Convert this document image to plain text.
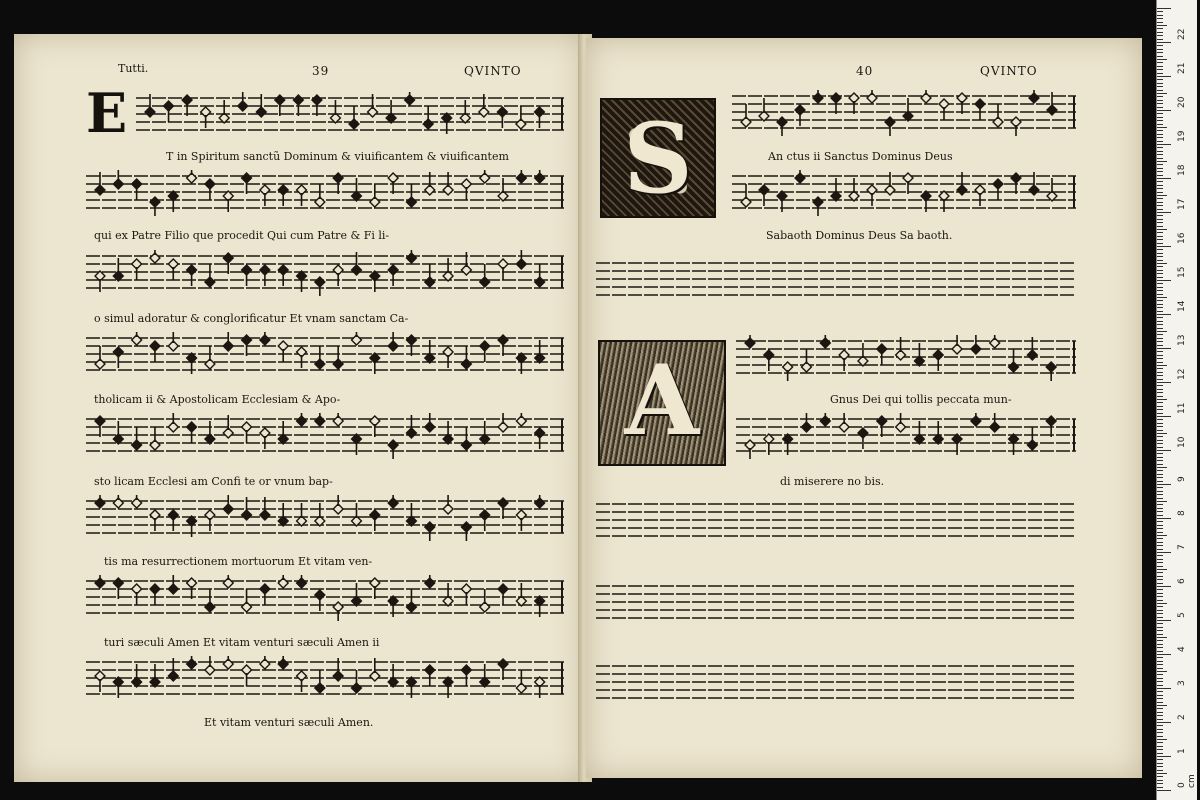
Tutti.	39	QVINTO
E
T in Spiritum sanctũ Dominum & viuificantem & viuificantem
qui ex Patre Filio que procedit Qui cum Patre & Fi li-
o simul adoratur & conglorificatur Et vnam sanctam Ca-
tholicam ii & Apostolicam Ecclesiam & Apo-
sto licam Ecclesi am Confi te or vnum bap-
tis ma resurrectionem mortuorum Et vitam ven-
turi sæculi Amen Et vitam venturi sæculi Amen ii
Et vitam venturi sæculi Amen.
40	QVINTO
S
A
An ctus ii Sanctus Dominus Deus
Sabaoth Dominus Deus Sa baoth.
Gnus Dei qui tollis peccata mun-
di miserere no bis.
0 cm
1
2
3
4
5
6
7
8
9
10
11
12
13
14
15
16
17
18
19
20
21
22
